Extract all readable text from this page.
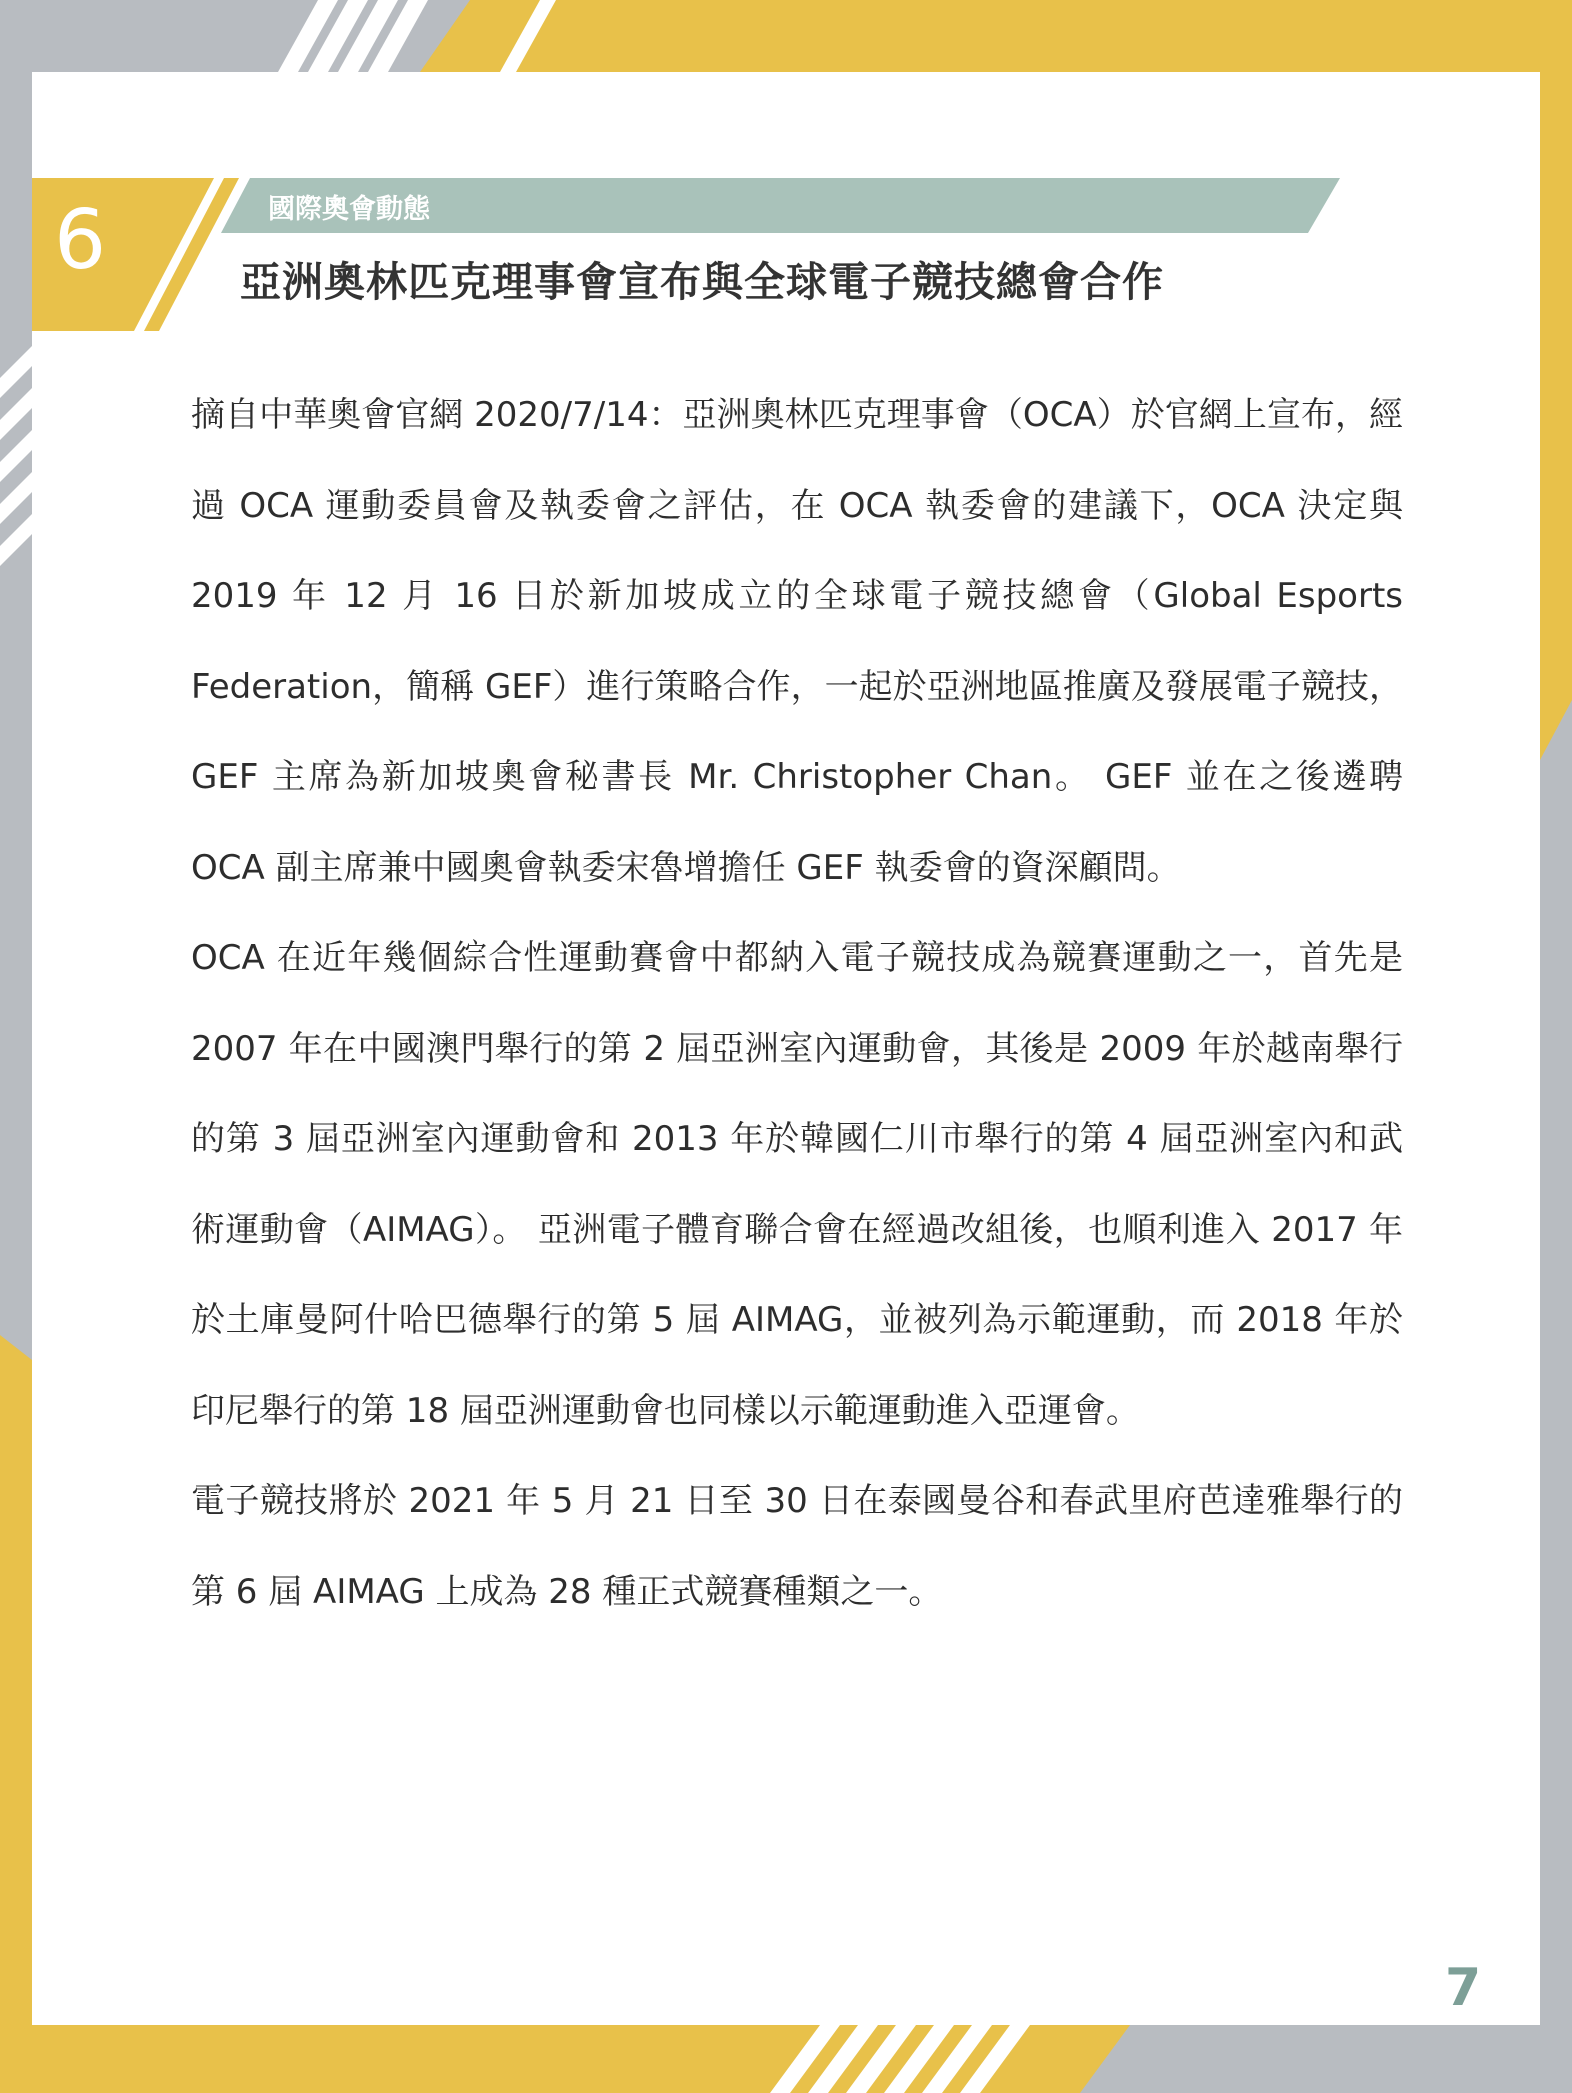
6	國際奧會動態
亞洲奧林匹克理事會宣布與全球電子競技總會合作

摘自中華奧會官網 2020/7/14：亞洲奧林匹克理事會（OCA）於官網上宣布，經過 OCA 運動委員會及執委會之評估，在 OCA 執委會的建議下，OCA 決定與 2019 年 12 月 16 日於新加坡成立的全球電子競技總會（Global Esports Federation，簡稱 GEF）進行策略合作，一起於亞洲地區推廣及發展電子競技，GEF 主席為新加坡奧會秘書長 Mr. Christopher Chan。 GEF 並在之後遴聘 OCA 副主席兼中國奧會執委宋魯增擔任 GEF 執委會的資深顧問。

OCA 在近年幾個綜合性運動賽會中都納入電子競技成為競賽運動之一，首先是 2007 年在中國澳門舉行的第 2 屆亞洲室內運動會，其後是 2009 年於越南舉行的第 3 屆亞洲室內運動會和 2013 年於韓國仁川市舉行的第 4 屆亞洲室內和武術運動會（AIMAG）。 亞洲電子體育聯合會在經過改組後，也順利進入 2017 年於土庫曼阿什哈巴德舉行的第 5 屆 AIMAG，並被列為示範運動，而 2018 年於印尼舉行的第 18 屆亞洲運動會也同樣以示範運動進入亞運會。

電子競技將於 2021 年 5 月 21 日至 30 日在泰國曼谷和春武里府芭達雅舉行的第 6 屆 AIMAG 上成為 28 種正式競賽種類之一。

7
